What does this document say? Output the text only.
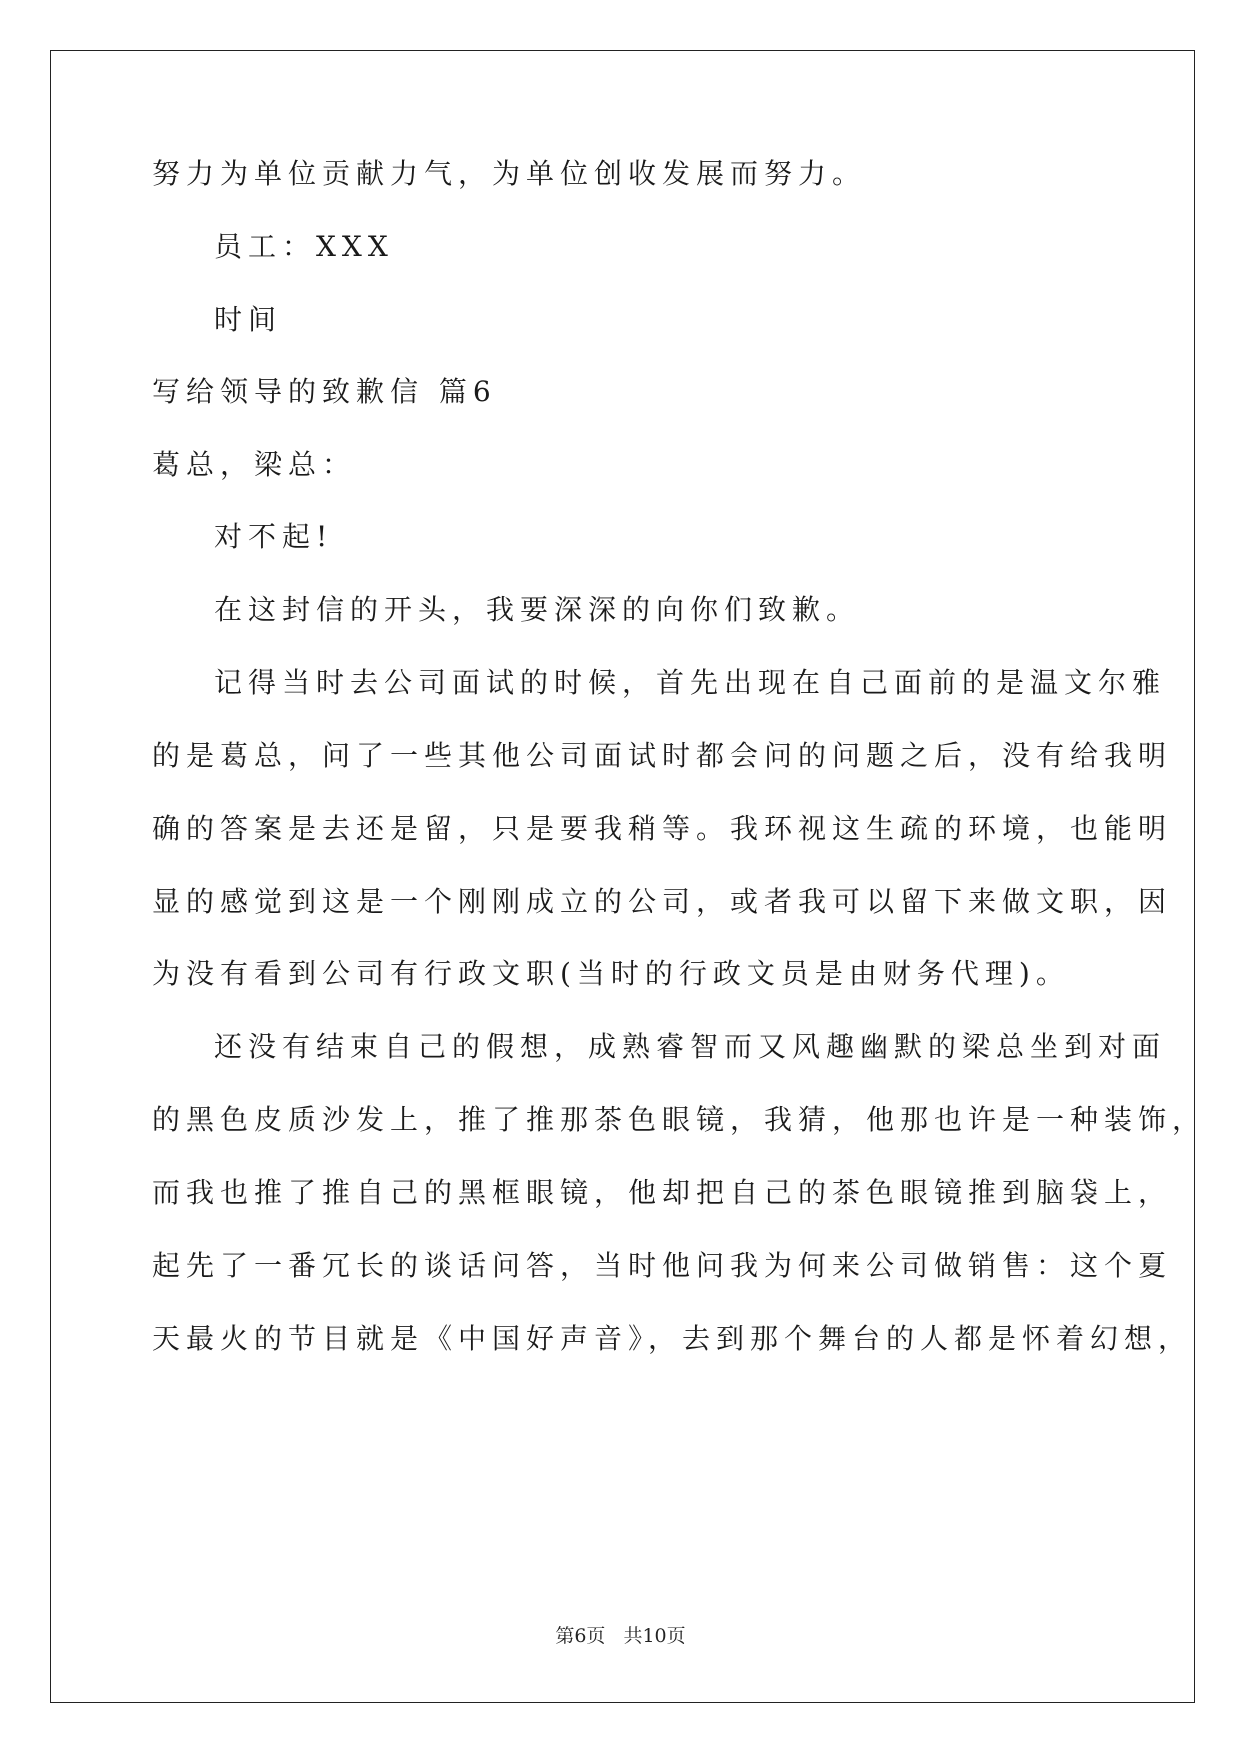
努力为单位贡献力气，为单位创收发展而努力。
员工：XXX
时间
写给领导的致歉信 篇6
葛总，梁总：
对不起!
在这封信的开头，我要深深的向你们致歉。
记得当时去公司面试的时候，首先出现在自己面前的是温文尔雅
的是葛总，问了一些其他公司面试时都会问的问题之后，没有给我明
确的答案是去还是留，只是要我稍等。我环视这生疏的环境，也能明
显的感觉到这是一个刚刚成立的公司，或者我可以留下来做文职，因
为没有看到公司有行政文职(当时的行政文员是由财务代理)。
还没有结束自己的假想，成熟睿智而又风趣幽默的梁总坐到对面
的黑色皮质沙发上，推了推那茶色眼镜，我猜，他那也许是一种装饰，
而我也推了推自己的黑框眼镜，他却把自己的茶色眼镜推到脑袋上，
起先了一番冗长的谈话问答，当时他问我为何来公司做销售：这个夏
天最火的节目就是《中国好声音》，去到那个舞台的人都是怀着幻想，
第6页 共10页
